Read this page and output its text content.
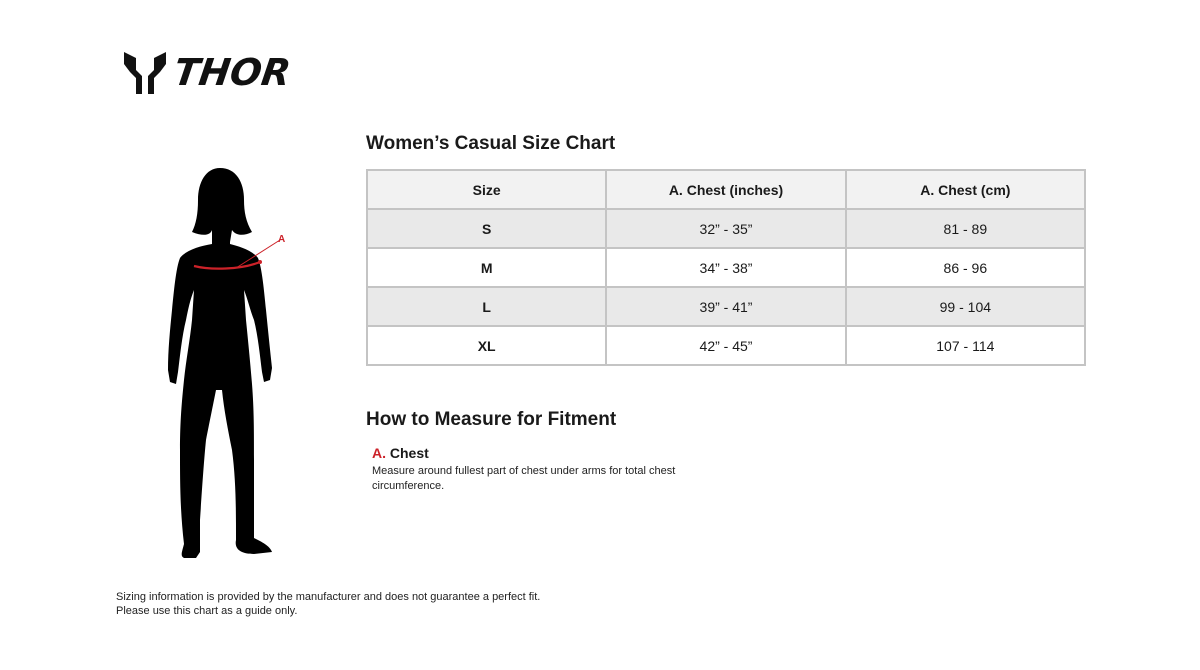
THOR
A
Women’s Casual Size Chart
Size	A. Chest (inches)	A. Chest (cm)
S	32” - 35”	81 - 89
M	34” - 38”	86 - 96
L	39” - 41”	99 - 104
XL	42” - 45”	107 - 114
How to Measure for Fitment
A. Chest
Measure around fullest part of chest under arms for total chest circumference.
Sizing information is provided by the manufacturer and does not guarantee a perfect fit.
Please use this chart as a guide only.
